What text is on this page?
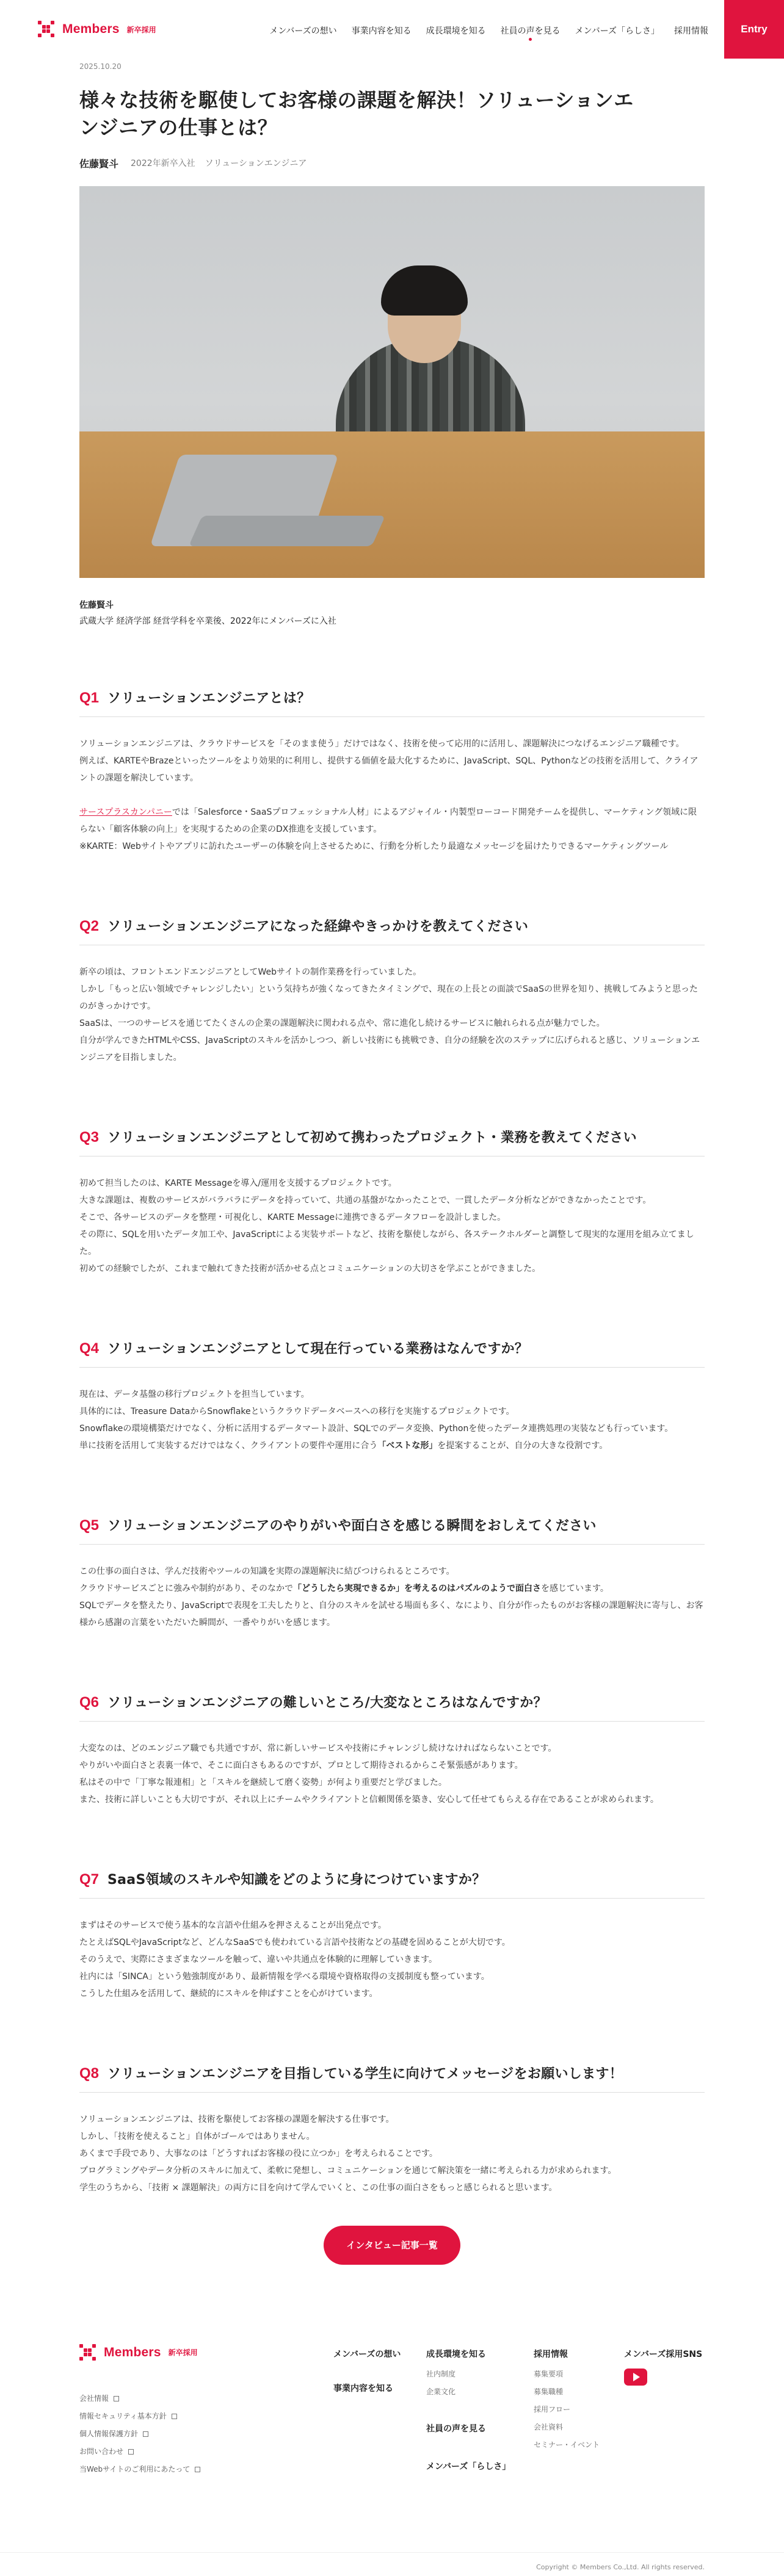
Members 新卒採用	メンバーズの想い 事業内容を知る 成長環境を知る 社員の声を見る メンバーズ「らしさ」 採用情報	Entry
2025.10.20
様々な技術を駆使してお客様の課題を解決！ソリューションエ
ンジニアの仕事とは？
佐藤賢斗 2022年新卒入社 ソリューションエンジニア
佐藤賢斗
武蔵大学 経済学部 経営学科を卒業後、2022年にメンバーズに入社
Q1 ソリューションエンジニアとは？

ソリューションエンジニアは、クラウドサービスを「そのまま使う」だけではなく、技術を使って応用的に活用し、課題解決につなげるエンジニア職種です。

例えば、KARTEやBrazeといったツールをより効果的に利用し、提供する価値を最大化するために、JavaScript、SQL、Pythonなどの技術を活用して、クライアントの課題を解決しています。

サースプラスカンパニーでは「Salesforce・SaaSプロフェッショナル人材」によるアジャイル・内製型ローコード開発チームを提供し、マーケティング領域に限らない「顧客体験の向上」を実現するための企業のDX推進を支援しています。

※KARTE：Webサイトやアプリに訪れたユーザーの体験を向上させるために、行動を分析したり最適なメッセージを届けたりできるマーケティングツール

Q2 ソリューションエンジニアになった経緯やきっかけを教えてください

新卒の頃は、フロントエンドエンジニアとしてWebサイトの制作業務を行っていました。

しかし「もっと広い領域でチャレンジしたい」という気持ちが強くなってきたタイミングで、現在の上長との面談でSaaSの世界を知り、挑戦してみようと思ったのがきっかけです。

SaaSは、一つのサービスを通じてたくさんの企業の課題解決に関われる点や、常に進化し続けるサービスに触れられる点が魅力でした。

自分が学んできたHTMLやCSS、JavaScriptのスキルを活かしつつ、新しい技術にも挑戦でき、自分の経験を次のステップに広げられると感じ、ソリューションエンジニアを目指しました。

Q3 ソリューションエンジニアとして初めて携わったプロジェクト・業務を教えてください

初めて担当したのは、KARTE Messageを導入/運用を支援するプロジェクトです。

大きな課題は、複数のサービスがバラバラにデータを持っていて、共通の基盤がなかったことで、一貫したデータ分析などができなかったことです。

そこで、各サービスのデータを整理・可視化し、KARTE Messageに連携できるデータフローを設計しました。

その際に、SQLを用いたデータ加工や、JavaScriptによる実装サポートなど、技術を駆使しながら、各ステークホルダーと調整して現実的な運用を組み立てました。

初めての経験でしたが、これまで触れてきた技術が活かせる点とコミュニケーションの大切さを学ぶことができました。

Q4 ソリューションエンジニアとして現在行っている業務はなんですか？

現在は、データ基盤の移行プロジェクトを担当しています。

具体的には、Treasure DataからSnowflakeというクラウドデータベースへの移行を実施するプロジェクトです。

Snowflakeの環境構築だけでなく、分析に活用するデータマート設計、SQLでのデータ変換、Pythonを使ったデータ連携処理の実装なども行っています。

単に技術を活用して実装するだけではなく、クライアントの要件や運用に合う「ベストな形」を提案することが、自分の大きな役割です。

Q5 ソリューションエンジニアのやりがいや面白さを感じる瞬間をおしえてください

この仕事の面白さは、学んだ技術やツールの知識を実際の課題解決に結びつけられるところです。

クラウドサービスごとに強みや制約があり、そのなかで「どうしたら実現できるか」を考えるのはパズルのようで面白さを感じています。

SQLでデータを整えたり、JavaScriptで表現を工夫したりと、自分のスキルを試せる場面も多く、なにより、自分が作ったものがお客様の課題解決に寄与し、お客様から感謝の言葉をいただいた瞬間が、一番やりがいを感じます。

Q6 ソリューションエンジニアの難しいところ/大変なところはなんですか？

大変なのは、どのエンジニア職でも共通ですが、常に新しいサービスや技術にチャレンジし続けなければならないことです。

やりがいや面白さと表裏一体で、そこに面白さもあるのですが、プロとして期待されるからこそ緊張感があります。

私はその中で「丁寧な報連相」と「スキルを継続して磨く姿勢」が何より重要だと学びました。

また、技術に詳しいことも大切ですが、それ以上にチームやクライアントと信頼関係を築き、安心して任せてもらえる存在であることが求められます。

Q7 SaaS領域のスキルや知識をどのように身につけていますか？

まずはそのサービスで使う基本的な言語や仕組みを押さえることが出発点です。

たとえばSQLやJavaScriptなど、どんなSaaSでも使われている言語や技術などの基礎を固めることが大切です。

そのうえで、実際にさまざまなツールを触って、違いや共通点を体験的に理解していきます。

社内には「SINCA」という勉強制度があり、最新情報を学べる環境や資格取得の支援制度も整っています。

こうした仕組みを活用して、継続的にスキルを伸ばすことを心がけています。

Q8 ソリューションエンジニアを目指している学生に向けてメッセージをお願いします！

ソリューションエンジニアは、技術を駆使してお客様の課題を解決する仕事です。

しかし、「技術を使えること」自体がゴールではありません。

あくまで手段であり、大事なのは「どうすればお客様の役に立つか」を考えられることです。

プログラミングやデータ分析のスキルに加えて、柔軟に発想し、コミュニケーションを通じて解決策を一緒に考えられる力が求められます。

学生のうちから、「技術 × 課題解決」の両方に目を向けて学んでいくと、この仕事の面白さをもっと感じられると思います。

インタビュー記事一覧
Members 新卒採用
会社情報
情報セキュリティ基本方針
個人情報保護方針
お問い合わせ
当Webサイトのご利用にあたって
メンバーズの想い
事業内容を知る
成長環境を知る
社内制度
企業文化
社員の声を見る
メンバーズ「らしさ」
採用情報
募集要項
募集職種
採用フロー
会社資料
セミナー・イベント
メンバーズ採用SNS
Copyright © Members Co.,Ltd. All rights reserved.
